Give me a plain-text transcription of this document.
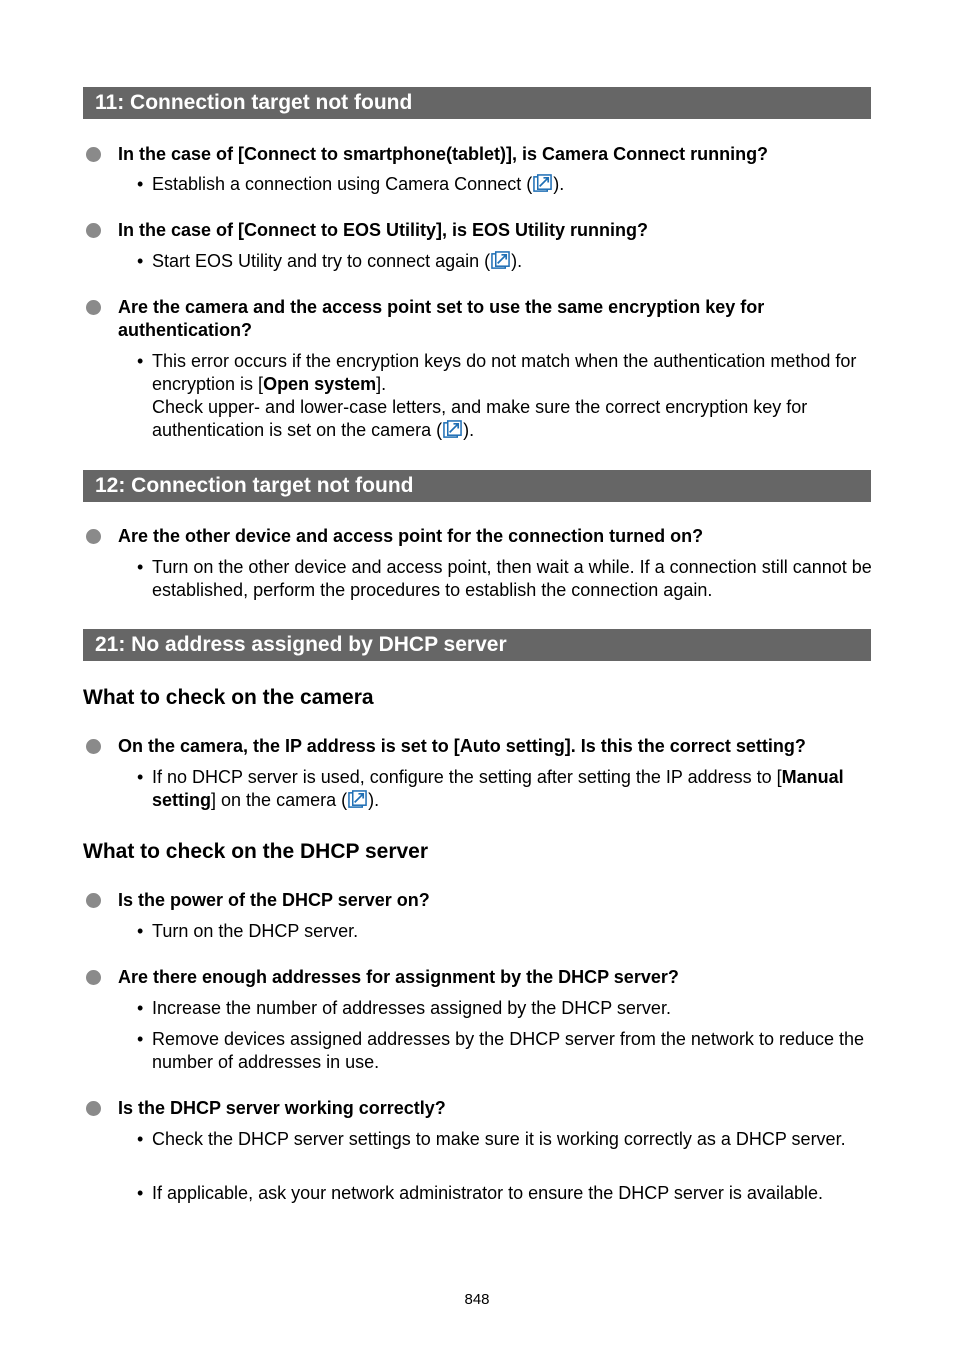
11: Connection target not found
In the case of [Connect to smartphone(tablet)], is Camera Connect running?
• Establish a connection using Camera Connect ( ).
In the case of [Connect to EOS Utility], is EOS Utility running?
• Start EOS Utility and try to connect again ( ).
Are the camera and the access point set to use the same encryption key for authentication?
• This error occurs if the encryption keys do not match when the authentication method for encryption is [Open system].
Check upper- and lower-case letters, and make sure the correct encryption key for authentication is set on the camera ( ).
12: Connection target not found
Are the other device and access point for the connection turned on?
• Turn on the other device and access point, then wait a while. If a connection still cannot be established, perform the procedures to establish the connection again.
21: No address assigned by DHCP server
What to check on the camera
On the camera, the IP address is set to [Auto setting]. Is this the correct setting?
• If no DHCP server is used, configure the setting after setting the IP address to [Manual setting] on the camera ( ).
What to check on the DHCP server
Is the power of the DHCP server on?
• Turn on the DHCP server.
Are there enough addresses for assignment by the DHCP server?
• Increase the number of addresses assigned by the DHCP server.
• Remove devices assigned addresses by the DHCP server from the network to reduce the number of addresses in use.
Is the DHCP server working correctly?
• Check the DHCP server settings to make sure it is working correctly as a DHCP server.
• If applicable, ask your network administrator to ensure the DHCP server is available.
848
